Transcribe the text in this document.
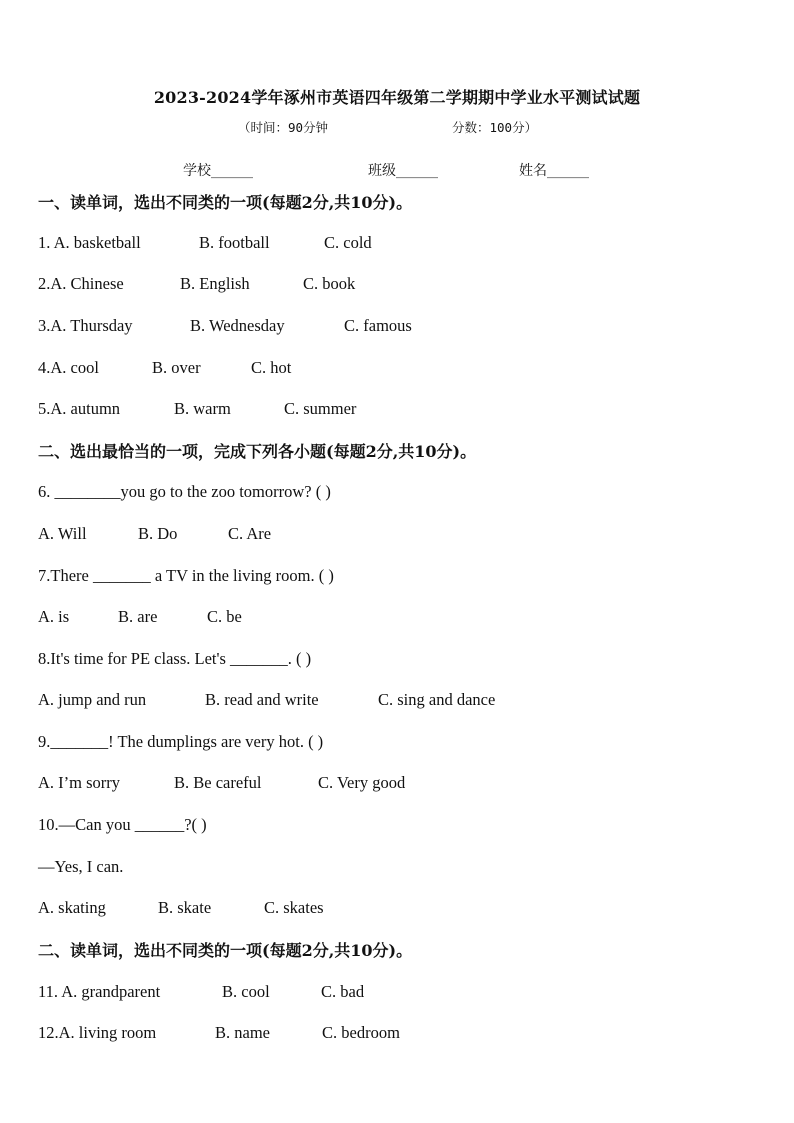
2023-2024学年涿州市英语四年级第二学期期中学业水平测试试题
（时间：90分钟	分数：100分）
学校______	班级______	姓名______
一、读单词，选出不同类的一项(每题2分,共10分)。
1. A. basketball	B. football	C. cold
2.A. Chinese	B. English	C. book
3.A. Thursday	B. Wednesday	C. famous
4.A. cool	B. over	C. hot
5.A. autumn	B. warm	C. summer
二、选出最恰当的一项，完成下列各小题(每题2分,共10分)。
6. ________you go to the zoo tomorrow? ( )
A. Will	B. Do	C. Are
7.There _______ a TV in the living room. ( )
A. is	B. are	C. be
8.It's time for PE class. Let's _______. ( )
A. jump and run	B. read and write	C. sing and dance
9._______! The dumplings are very hot. ( )
A. I’m sorry	B. Be careful	C. Very good
10.—Can you ______?( )
—Yes, I can.
A. skating	B. skate	C. skates
二、读单词，选出不同类的一项(每题2分,共10分)。
11. A. grandparent	B. cool	C. bad
12.A. living room	B. name	C. bedroom
